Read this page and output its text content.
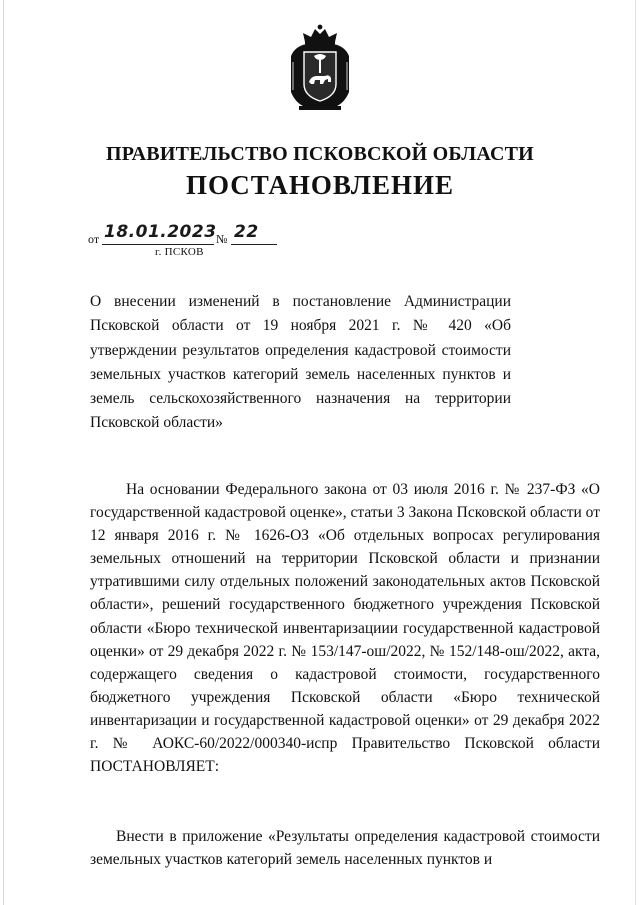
ПРАВИТЕЛЬСТВО ПСКОВСКОЙ ОБЛАСТИ
ПОСТАНОВЛЕНИЕ
от 18.01.2023 № 22
г. ПСКОВ
О внесении изменений в постановление Администрации Псковской области от 19 ноября 2021 г. № 420 «Об утверждении результатов определения кадастровой стоимости земельных участков категорий земель населенных пунктов и земель сельскохозяйственного назначения на территории Псковской области»

На основании Федерального закона от 03 июля 2016 г. № 237-ФЗ «О государственной кадастровой оценке», статьи 3 Закона Псковской области от 12 января 2016 г. № 1626-ОЗ «Об отдельных вопросах регулирования земельных отношений на территории Псковской области и признании утратившими силу отдельных положений законодательных актов Псковской области», решений государственного бюджетного учреждения Псковской области «Бюро технической инвентаризациии государственной кадастровой оценки» от 29 декабря 2022 г. № 153/147-ош/2022, № 152/148-ош/2022, акта, содержащего сведения о кадастровой стоимости, государственного бюджетного учреждения Псковской области «Бюро технической инвентаризации и государственной кадастровой оценки» от 29 декабря 2022 г. № АОКС-60/2022/000340-испр Правительство Псковской области ПОСТАНОВЛЯЕТ:

Внести в приложение «Результаты определения кадастровой стоимости земельных участков категорий земель населенных пунктов и
